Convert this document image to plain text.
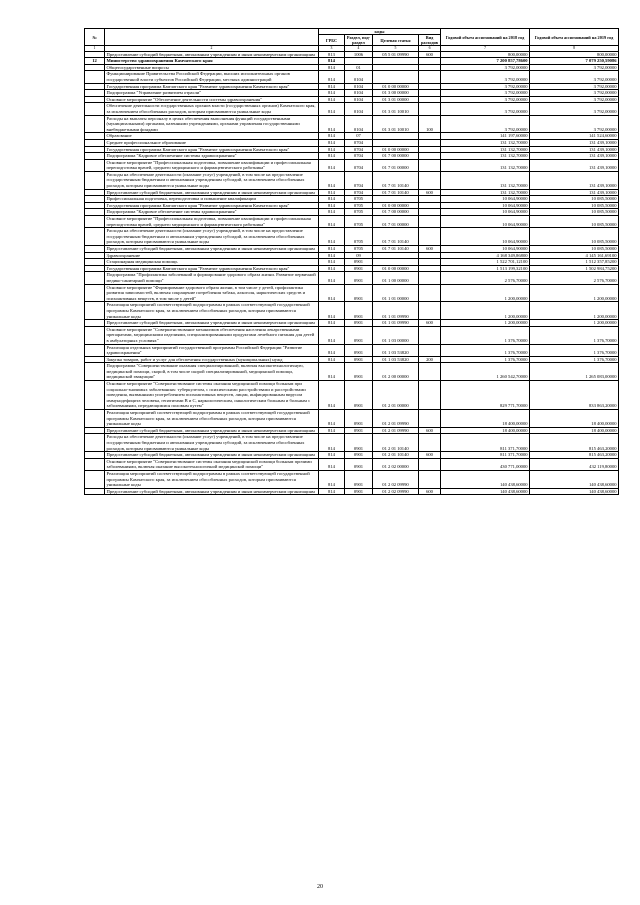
№		коды				Годовой объем ассигнований на 2018 год	Годовой объем ассигнований на 2019 год
		ГРБС	Раздел, под-раздел	Целевая статья	Вид расходов		
1	2	3	4	5	6	7	8
	Предоставление субсидий бюджетным, автономным учреждениям и иным некоммерческим организациям	813	1006	05 5 01 09990	600	800,00000	800,00000
12	Министерство здравоохранения Камчатского края	814				7 200 857,78600	7 079 250,59086
	Общегосударственные вопросы	814	01			3 792,00000	3 792,00000
	Функционирование Правительства Российской Федерации, высших исполнительных органов государственной власти субъектов Российской Федерации, местных администраций	814	0104			3 792,00000	3 792,00000
	Государственная программа Камчатского края "Развитие здравоохранения Камчатского края"	814	0104	01 0 00 00000		3 792,00000	3 792,00000
	Подпрограмма "Управление развитием отрасли"	814	0104	01 3 00 00000		3 792,00000	3 792,00000
	Основное мероприятие "Обеспечение деятельности системы здравоохранения"	814	0104	01 3 01 00000		3 792,00000	3 792,00000
	Обеспечение деятельности государственных органов власти (государственных органов) Камчатского края, за исключением обособленных расходов, которым присваиваются уникальные коды	814	0104	01 3 01 10010		3 792,00000	3 792,00000
	Расходы на выплаты персоналу в целях обеспечения выполнения функций государственными (муниципальными) органами, казенными учреждениями, органами управления государственными внебюджетными фондами	814	0104	01 3 01 10010	100	3 792,00000	3 792,00000
	Образование	814	07			141 197,60000	141 524,60000
	Среднее профессиональное образование	814	0704			131 132,70000	131 439,10000
	Государственная программа Камчатского края "Развитие здравоохранения Камчатского края"	814	0704	01 0 00 00000		131 132,70000	131 439,10000
	Подпрограмма "Кадровое обеспечение системы здравоохранения"	814	0704	01 7 00 00000		131 132,70000	131 439,10000
	Основное мероприятие "Профессиональная подготовка, повышение квалификации и профессиональная переподготовка врачей, среднего медицинского и фармацевтического работника"	814	0704	01 7 01 00000		131 132,70000	131 439,10000
	Расходы на обеспечение деятельности (оказание услуг) учреждений, в том числе на предоставление государственным бюджетным и автономным учреждениям субсидий, за исключением обособленных расходов, которым присваиваются уникальные коды	814	0704	01 7 01 10140		131 132,70000	131 439,10000
	Предоставление субсидий бюджетным, автономным учреждениям и иным некоммерческим организациям	814	0704	01 7 01 10140	600	131 132,70000	131 439,10000
	Профессиональная подготовка, переподготовка и повышение квалификации	814	0705			10 064,90000	10 085,50000
	Государственная программа Камчатского края "Развитие здравоохранения Камчатского края"	814	0705	01 0 00 00000		10 064,90000	10 085,50000
	Подпрограмма "Кадровое обеспечение системы здравоохранения"	814	0705	01 7 00 00000		10 064,90000	10 085,50000
	Основное мероприятие "Профессиональная подготовка, повышение квалификации и профессиональная переподготовка врачей, среднего медицинского и фармацевтического работника"	814	0705	01 7 01 00000		10 064,90000	10 085,50000
	Расходы на обеспечение деятельности (оказание услуг) учреждений, в том числе на предоставление государственным бюджетным и автономным учреждениям субсидий, за исключением обособленных расходов, которым присваиваются уникальные коды	814	0705	01 7 01 10140		10 064,90000	10 085,50000
	Предоставление субсидий бюджетным, автономным учреждениям и иным некоммерческим организациям	814	0705	01 7 01 10140	600	10 064,90000	10 085,50000
	Здравоохранение	814	09			4 168 349,86800	4 145 161,69100
	Стационарная медицинская помощь	814	0901			1 522 701,12100	1 512 357,85200
	Государственная программа Камчатского края "Развитие здравоохранения Камчатского края"	814	0901	01 0 00 00000		1 513 199,32100	1 502 984,75200
	Подпрограмма "Профилактика заболеваний и формирование здорового образа жизни. Развитие первичной медико-санитарной помощи"	814	0901	01 1 00 00000		2 576,70000	2 576,70000
	Основное мероприятие "Формирование здорового образа жизни, в том числе у детей, профилактика развития зависимостей, включая сокращение потребления табака, алкоголя, наркотических средств и психоактивных веществ, в том числе у детей"	814	0901	01 1 01 00000		1 200,00000	1 200,00000
	Реализация мероприятий соответствующей подпрограммы в рамках соответствующей государственной программы Камчатского края, за исключением обособленных расходов, которым присваиваются уникальные коды	814	0901	01 1 01 09990		1 200,00000	1 200,00000
	Предоставление субсидий бюджетным, автономным учреждениям и иным некоммерческим организациям	814	0901	01 1 01 09990	600	1 200,00000	1 200,00000
	Основное мероприятие "Совершенствование механизмов обеспечения населения лекарственными препаратами, медицинскими изделиями, специализированными продуктами лечебного питания для детей в амбулаторных условиях"	814	0901	01 1 03 00000		1 376,70000	1 376,70000
	Реализация отдельных мероприятий государственной программы Российской Федерации "Развитие здравоохранения"	814	0901	01 1 03 53820		1 376,70000	1 376,70000
	Закупка товаров, работ и услуг для обеспечения государственных (муниципальных) нужд	814	0901	01 1 03 53820	200	1 376,70000	1 376,70000
	Подпрограмма "Совершенствование оказания специализированной, включая высокотехнологичную, медицинской помощи, скорой, в том числе скорой специализированной, медицинской помощи, медицинской эвакуации"	814	0901	01 2 00 00000		1 260 542,70000	1 265 083,00000
	Основное мероприятие "Совершенствование системы оказания медицинской помощи больным при социально-значимых заболеваниях: туберкулезом, с психическими расстройствами и расстройствами поведения, вызванными употреблением психоактивных веществ, лицам, инфицированным вирусом иммунодефицита человека, гепатитами В и С, наркологическим, онкологическим больным и больным с заболеваниями, передающимися половым путем"	814	0901	01 2 01 00000		829 771,70000	833 863,20000
	Реализация мероприятий соответствующей подпрограммы в рамках соответствующей государственной программы Камчатского края, за исключением обособленных расходов, которым присваиваются уникальные коды	814	0901	01 2 01 09990		18 400,00000	18 400,00000
	Предоставление субсидий бюджетным, автономным учреждениям и иным некоммерческим организациям	814	0901	01 2 01 09990	600	18 400,00000	18 400,00000
	Расходы на обеспечение деятельности (оказание услуг) учреждений, в том числе на предоставление государственным бюджетным и автономным учреждениям субсидий, за исключением обособленных расходов, которым присваиваются уникальные коды	814	0901	01 2 01 10140		811 371,70000	815 463,20000
	Предоставление субсидий бюджетным, автономным учреждениям и иным некоммерческим организациям	814	0901	01 2 01 10140	600	811 371,70000	815 463,20000
	Основное мероприятие "Совершенствование системы оказания медицинской помощи больным прочими заболеваниями, включая оказание высокотехнологичной медицинской помощи"	814	0901	01 2 02 00000		430 771,00000	432 119,80000
	Реализация мероприятий соответствующей подпрограммы в рамках соответствующей государственной программы Камчатского края, за исключением обособленных расходов, которым присваиваются уникальные коды	814	0901	01 2 02 09990		140 438,60000	140 438,60000
	Предоставление субсидий бюджетным, автономным учреждениям и иным некоммерческим организациям	814	0901	01 2 02 09990	600	140 438,60000	140 438,60000
20
